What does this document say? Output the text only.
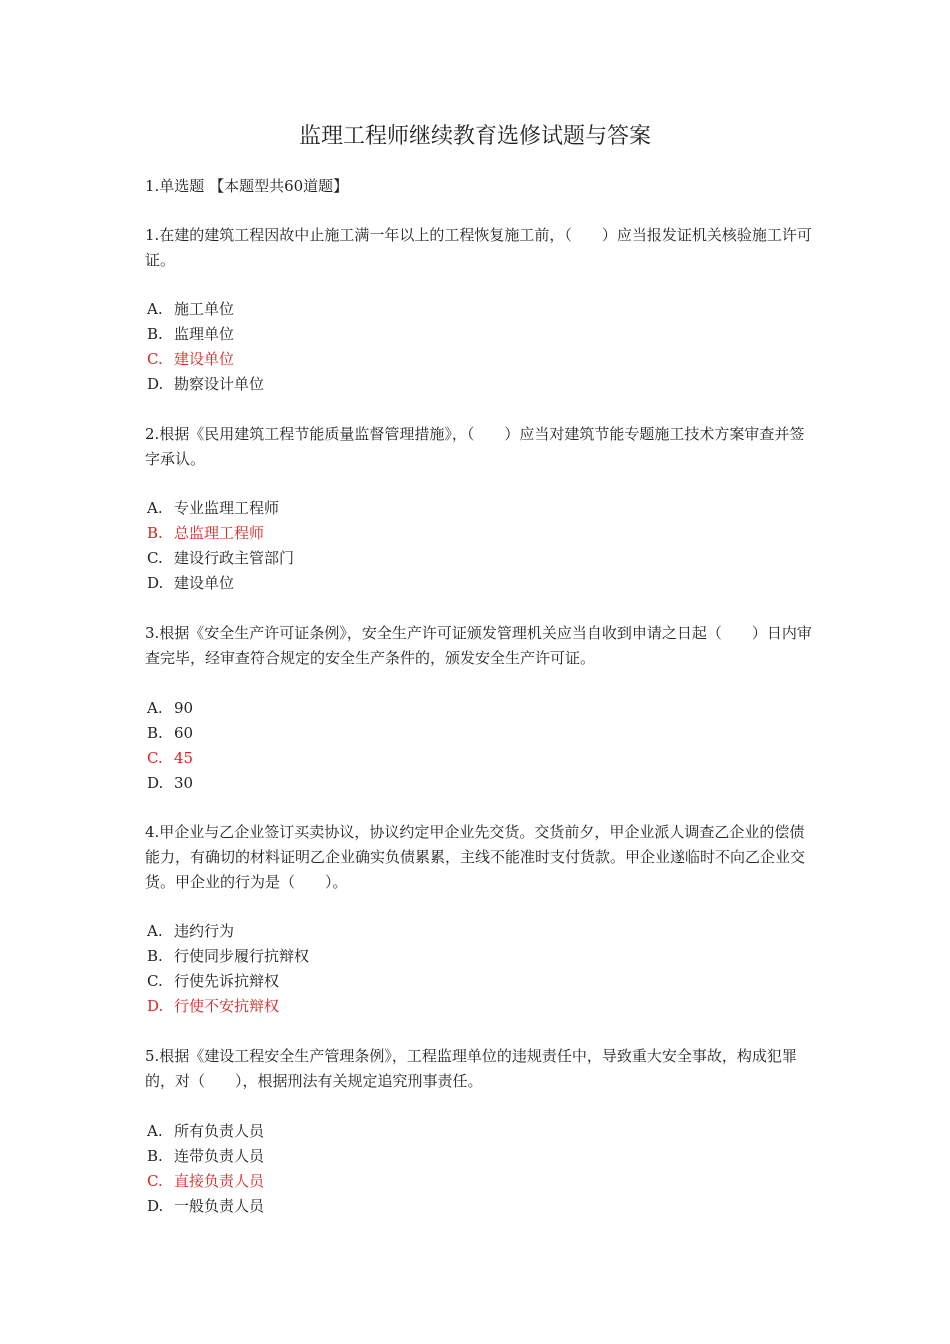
监理工程师继续教育选修试题与答案
1.单选题 【本题型共60道题】
1.在建的建筑工程因故中止施工满一年以上的工程恢复施工前，（　　）应当报发证机关核验施工许可证。
A. 施工单位
B. 监理单位
C. 建设单位
D. 勘察设计单位
2.根据《民用建筑工程节能质量监督管理措施》，（　　）应当对建筑节能专题施工技术方案审查并签字承认。
A. 专业监理工程师
B. 总监理工程师
C. 建设行政主管部门
D. 建设单位
3.根据《安全生产许可证条例》，安全生产许可证颁发管理机关应当自收到申请之日起（　　）日内审查完毕，经审查符合规定的安全生产条件的，颁发安全生产许可证。
A. 90
B. 60
C. 45
D. 30
4.甲企业与乙企业签订买卖协议，协议约定甲企业先交货。交货前夕，甲企业派人调查乙企业的偿债能力，有确切的材料证明乙企业确实负债累累，主线不能准时支付货款。甲企业遂临时不向乙企业交货。甲企业的行为是（　　）。
A. 违约行为
B. 行使同步履行抗辩权
C. 行使先诉抗辩权
D. 行使不安抗辩权
5.根据《建设工程安全生产管理条例》，工程监理单位的违规责任中，导致重大安全事故，构成犯罪的，对（　　），根据刑法有关规定追究刑事责任。
A. 所有负责人员
B. 连带负责人员
C. 直接负责人员
D. 一般负责人员
